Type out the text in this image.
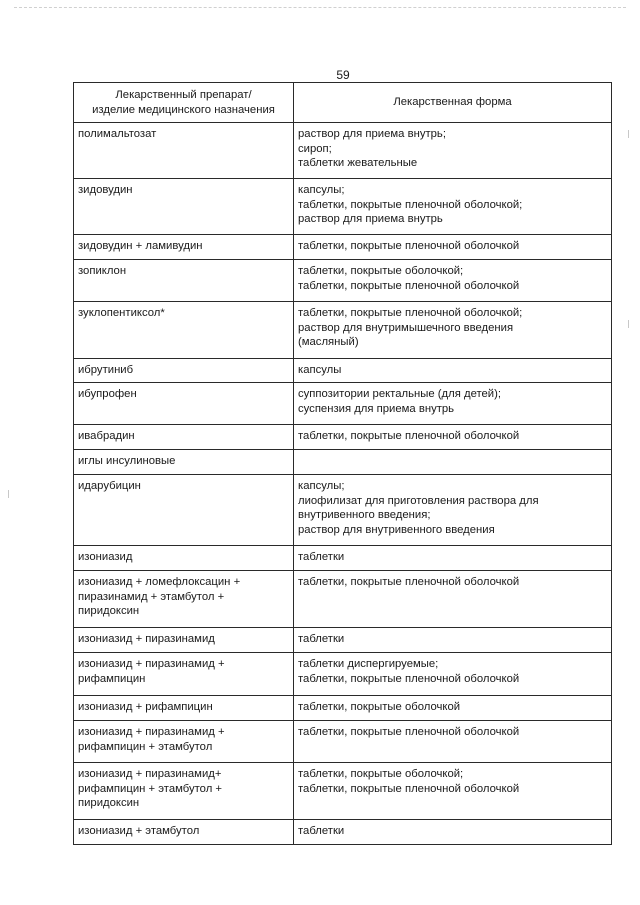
59
Лекарственный препарат/
изделие медицинского назначения	Лекарственная форма

полимальтозат	раствор для приема внутрь;
сироп;
таблетки жевательные

зидовудин	капсулы;
таблетки, покрытые пленочной оболочкой;
раствор для приема внутрь

зидовудин + ламивудин	таблетки, покрытые пленочной оболочкой

зопиклон	таблетки, покрытые оболочкой;
таблетки, покрытые пленочной оболочкой

зуклопентиксол*	таблетки, покрытые пленочной оболочкой;
раствор для внутримышечного введения
(масляный)

ибрутиниб	капсулы

ибупрофен	суппозитории ректальные (для детей);
суспензия для приема внутрь

ивабрадин	таблетки, покрытые пленочной оболочкой

иглы инсулиновые	

идарубицин	капсулы;
лиофилизат для приготовления раствора для
внутривенного введения;
раствор для внутривенного введения

изониазид	таблетки

изониазид + ломефлоксацин +
пиразинамид + этамбутол +
пиридоксин	таблетки, покрытые пленочной оболочкой

изониазид + пиразинамид	таблетки

изониазид + пиразинамид +
рифампицин	таблетки диспергируемые;
таблетки, покрытые пленочной оболочкой

изониазид + рифампицин	таблетки, покрытые оболочкой

изониазид + пиразинамид +
рифампицин + этамбутол	таблетки, покрытые пленочной оболочкой

изониазид + пиразинамид+
рифампицин + этамбутол +
пиридоксин	таблетки, покрытые оболочкой;
таблетки, покрытые пленочной оболочкой

изониазид + этамбутол	таблетки
